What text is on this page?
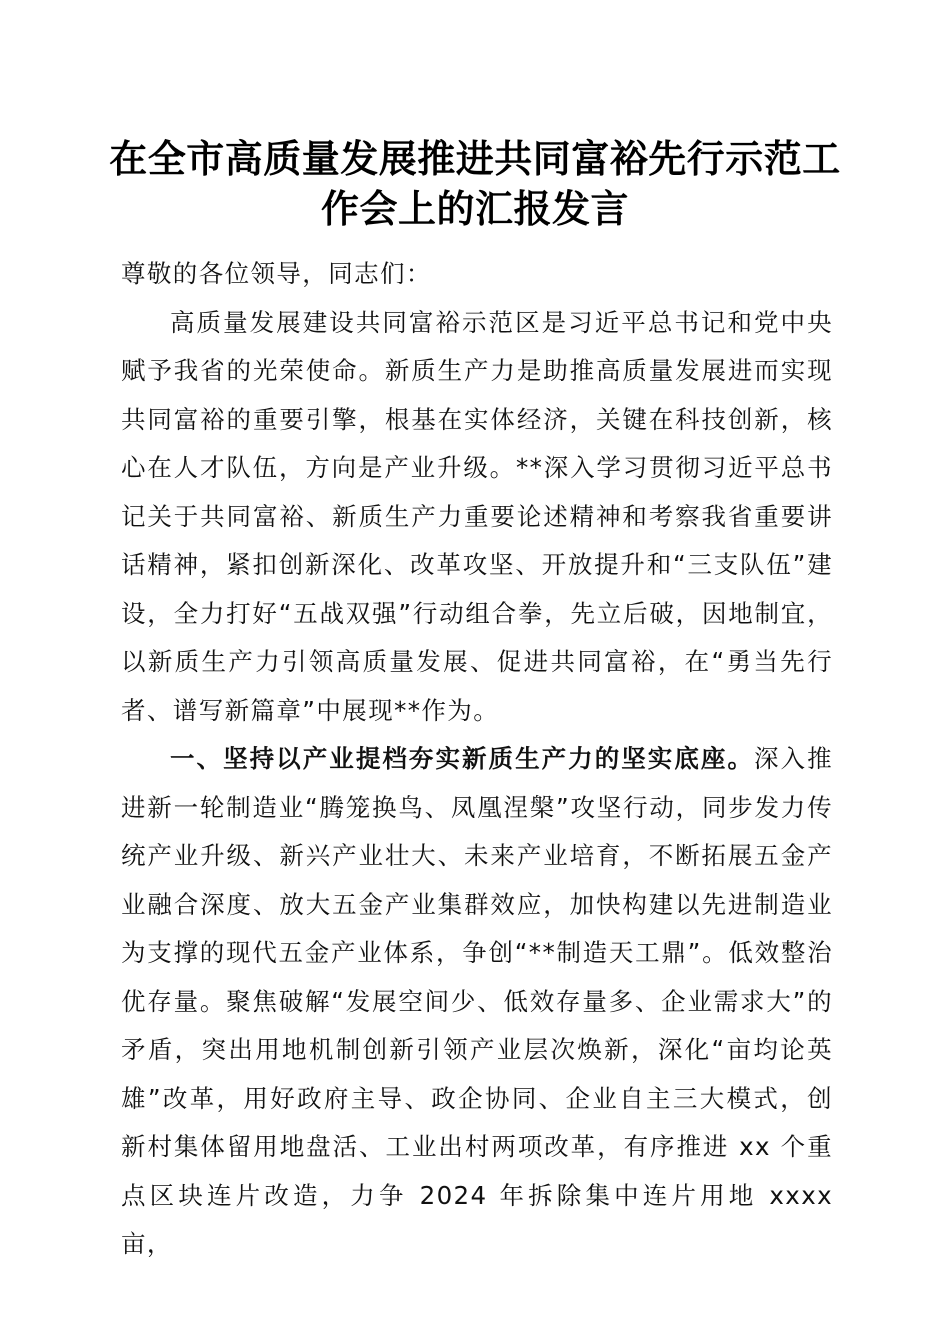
在全市高质量发展推进共同富裕先行示范工作会上的汇报发言

尊敬的各位领导，同志们：

高质量发展建设共同富裕示范区是习近平总书记和党中央赋予我省的光荣使命。新质生产力是助推高质量发展进而实现共同富裕的重要引擎，根基在实体经济，关键在科技创新，核心在人才队伍，方向是产业升级。**深入学习贯彻习近平总书记关于共同富裕、新质生产力重要论述精神和考察我省重要讲话精神，紧扣创新深化、改革攻坚、开放提升和“三支队伍”建设，全力打好“五战双强”行动组合拳，先立后破，因地制宜，以新质生产力引领高质量发展、促进共同富裕，在“勇当先行者、谱写新篇章”中展现**作为。

一、坚持以产业提档夯实新质生产力的坚实底座。深入推进新一轮制造业“腾笼换鸟、凤凰涅槃”攻坚行动，同步发力传统产业升级、新兴产业壮大、未来产业培育，不断拓展五金产业融合深度、放大五金产业集群效应，加快构建以先进制造业为支撑的现代五金产业体系，争创“**制造天工鼎”。低效整治优存量。聚焦破解“发展空间少、低效存量多、企业需求大”的矛盾，突出用地机制创新引领产业层次焕新，深化“亩均论英雄”改革，用好政府主导、政企协同、企业自主三大模式，创新村集体留用地盘活、工业出村两项改革，有序推进 xx 个重点区块连片改造，力争 2024 年拆除集中连片用地 xxxx 亩，
